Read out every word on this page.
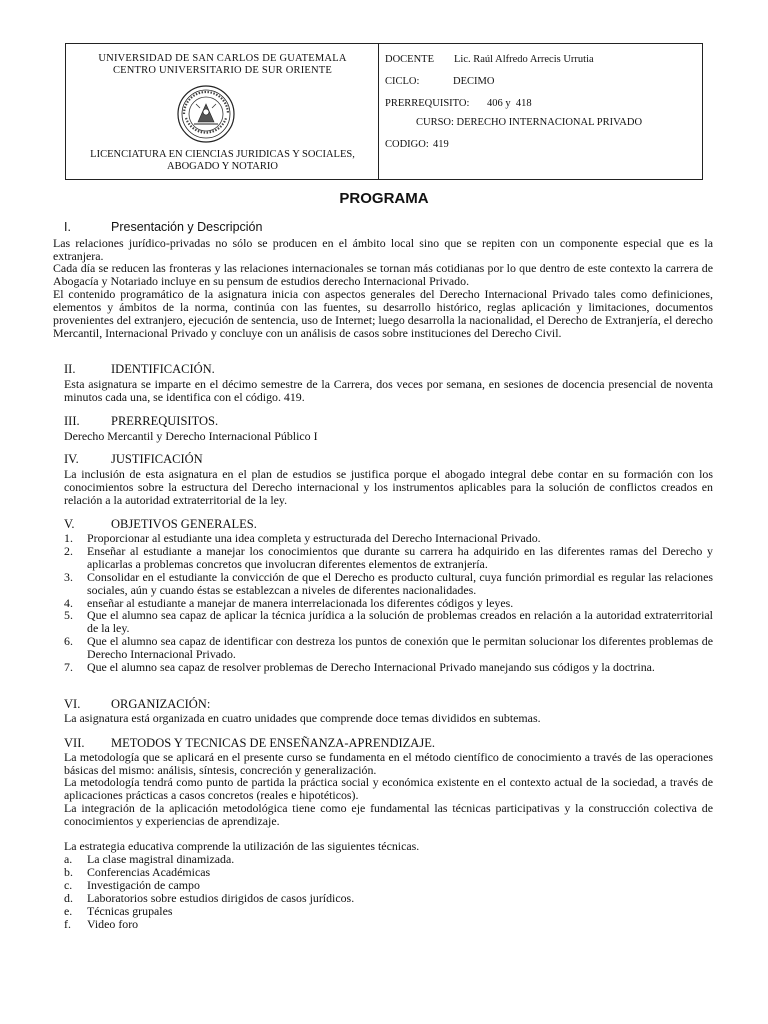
UNIVERSIDAD DE SAN CARLOS DE GUATEMALA
CENTRO UNIVERSITARIO DE SUR ORIENTE
LICENCIATURA EN CIENCIAS JURIDICAS Y SOCIALES,
ABOGADO Y NOTARIO
DOCENTE Lic. Raúl Alfredo Arrecis Urrutia
CICLO:	DECIMO
PRERREQUISITO: 406 y  418
CURSO: DERECHO INTERNACIONAL PRIVADO
CODIGO: 419
PROGRAMA
I.	Presentación y Descripción

Las relaciones jurídico-privadas no sólo se producen en el ámbito local sino que se repiten con un componente especial que es la extranjera.

Cada día se reducen las fronteras y las relaciones internacionales se tornan más cotidianas por lo que dentro de este contexto la carrera de Abogacía y Notariado incluye en su pensum de estudios derecho Internacional Privado.

El contenido programático de la asignatura inicia con aspectos generales del Derecho Internacional Privado tales como definiciones, elementos y ámbitos de la norma, continúa con las fuentes, su desarrollo histórico, reglas aplicación y limitaciones, documentos provenientes del extranjero, ejecución de sentencia, uso de Internet; luego desarrolla la nacionalidad, el Derecho de Extranjería, el derecho Mercantil, Internacional Privado y concluye con un análisis de casos sobre instituciones del Derecho Civil.

II.	IDENTIFICACIÓN.

Esta asignatura se imparte en el décimo semestre de la Carrera, dos veces por semana, en sesiones de docencia presencial de noventa minutos cada una, se identifica con el código. 419.

III.	PRERREQUISITOS.

Derecho Mercantil y Derecho Internacional Público I

IV.	JUSTIFICACIÓN

La inclusión de esta asignatura en el plan de estudios se justifica porque el abogado integral debe contar en su formación con los conocimientos sobre la estructura del Derecho internacional y los instrumentos aplicables para la solución de conflictos creados en relación a la autoridad extraterritorial de la ley.

V.	OBJETIVOS GENERALES.
1. Proporcionar al estudiante una idea completa y estructurada del Derecho Internacional Privado.
2. Enseñar al estudiante a manejar los conocimientos que durante su carrera ha adquirido en las diferentes ramas del Derecho y aplicarlas a problemas concretos que involucran diferentes elementos de extranjería.
3. Consolidar en el estudiante la convicción de que el Derecho es producto cultural, cuya función primordial es regular las relaciones sociales, aún y cuando éstas se establezcan a niveles de diferentes nacionalidades.
4. enseñar al estudiante a manejar de manera interrelacionada los diferentes códigos y leyes.
5. Que el alumno sea capaz de aplicar la técnica jurídica a la solución de problemas creados en relación a la autoridad extraterritorial de la ley.
6. Que el alumno sea capaz de identificar con destreza los puntos de conexión que le permitan solucionar los diferentes problemas de Derecho Internacional Privado.
7. Que el alumno sea capaz de resolver problemas de Derecho Internacional Privado manejando sus códigos y la doctrina.
VI. ORGANIZACIÓN:

La asignatura está organizada en cuatro unidades que comprende doce temas divididos en subtemas.

VII. METODOS Y TECNICAS DE ENSEÑANZA-APRENDIZAJE.

La metodología que se aplicará en el presente curso se fundamenta en el método científico de conocimiento a través de las operaciones básicas del mismo: análisis, síntesis, concreción y generalización.

La metodología tendrá como punto de partida la práctica social y económica existente en el contexto actual de la sociedad, a través de aplicaciones prácticas a casos concretos (reales e hipotéticos).

La integración de la aplicación metodológica tiene como eje fundamental las técnicas participativas y la construcción colectiva de conocimientos y experiencias de aprendizaje.

La estrategia educativa comprende la utilización de las siguientes técnicas.

a. La clase magistral dinamizada.
b. Conferencias Académicas
c. Investigación de campo
d. Laboratorios sobre estudios dirigidos de casos jurídicos.
e. Técnicas grupales
f. Video foro
